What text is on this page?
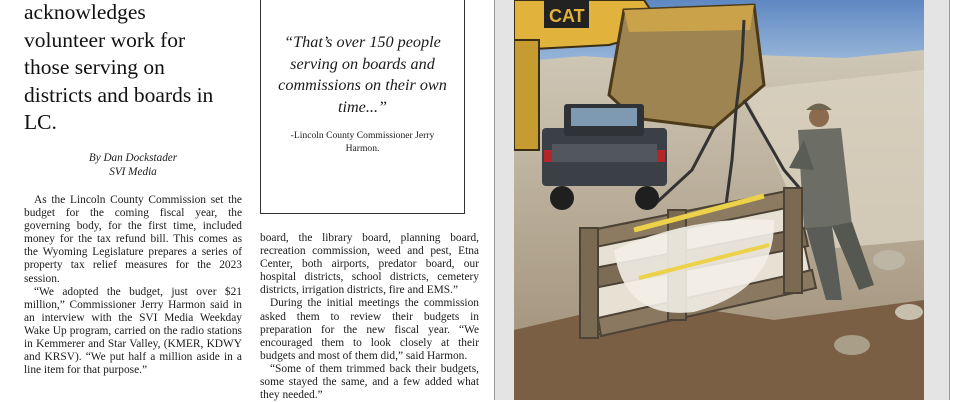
acknowledges
volunteer work for
those serving on
districts and boards in
LC.
By Dan Dockstader
SVI Media

As the Lincoln County Commission set the budget for the coming fiscal year, the governing body, for the first time, included money for the tax refund bill. This comes as the Wyoming Legislature prepares a series of property tax relief measures for the 2023 session.

“We adopted the budget, just over $21 million,” Commissioner Jerry Harmon said in an interview with the SVI Media Weekday Wake Up program, carried on the radio stations in Kemmerer and Star Valley, (KMER, KDWY and KRSV). “We put half a million aside in a line item for that purpose.”

“That’s over 150 people serving on boards and commissions on their own time...”
-Lincoln County Commissioner Jerry Harmon.

board, the library board, planning board, recreation commission, weed and pest, Etna Center, both airports, predator board, our hospital districts, school districts, cemetery districts, irrigation districts, fire and EMS.”

During the initial meetings the commission asked them to review their budgets in preparation for the new fiscal year. “We encouraged them to look closely at their budgets and most of them did,” said Harmon.

“Some of them trimmed back their budgets, some stayed the same, and a few added what they needed.”

CAT
